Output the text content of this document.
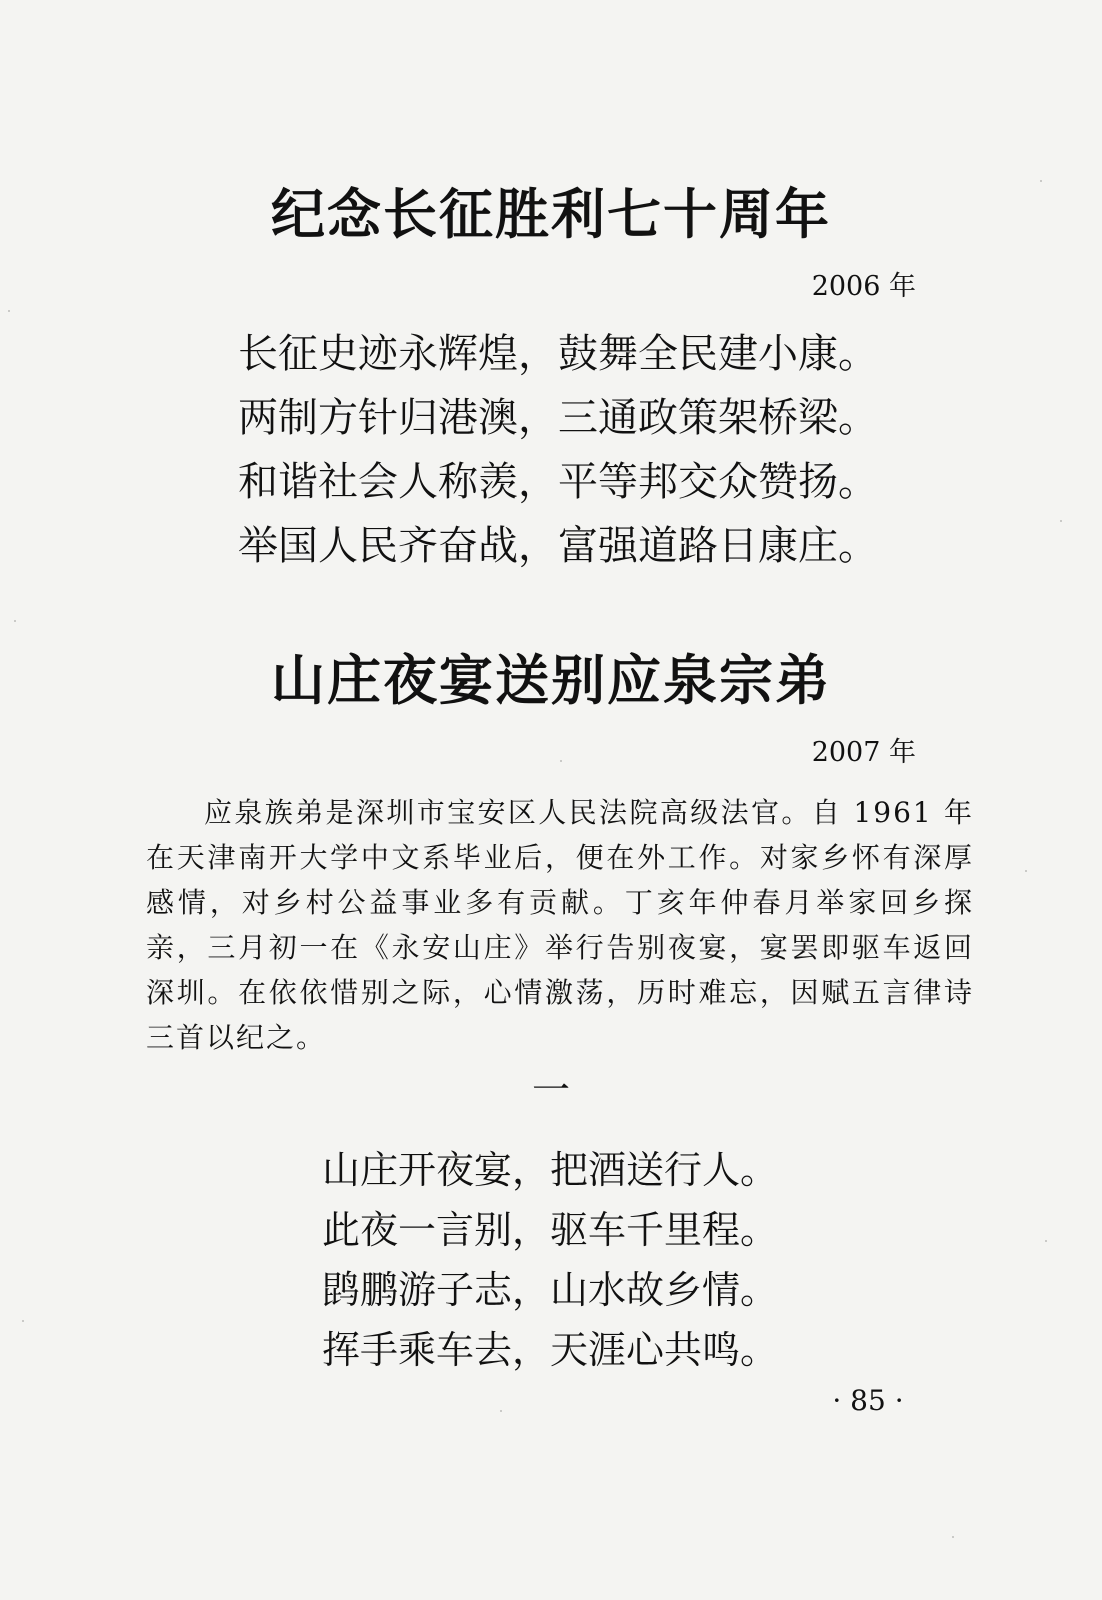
纪念长征胜利七十周年
2006 年
长征史迹永辉煌，鼓舞全民建小康。
两制方针归港澳，三通政策架桥梁。
和谐社会人称羡，平等邦交众赞扬。
举国人民齐奋战，富强道路日康庄。
山庄夜宴送别应泉宗弟
2007 年

应泉族弟是深圳市宝安区人民法院高级法官。自 1961 年在天津南开大学中文系毕业后，便在外工作。对家乡怀有深厚感情，对乡村公益事业多有贡献。丁亥年仲春月举家回乡探亲，三月初一在《永安山庄》举行告别夜宴，宴罢即驱车返回深圳。在依依惜别之际，心情激荡，历时难忘，因赋五言律诗三首以纪之。

一
山庄开夜宴，把酒送行人。
此夜一言别，驱车千里程。
鹍鹏游子志，山水故乡情。
挥手乘车去，天涯心共鸣。
· 85 ·
